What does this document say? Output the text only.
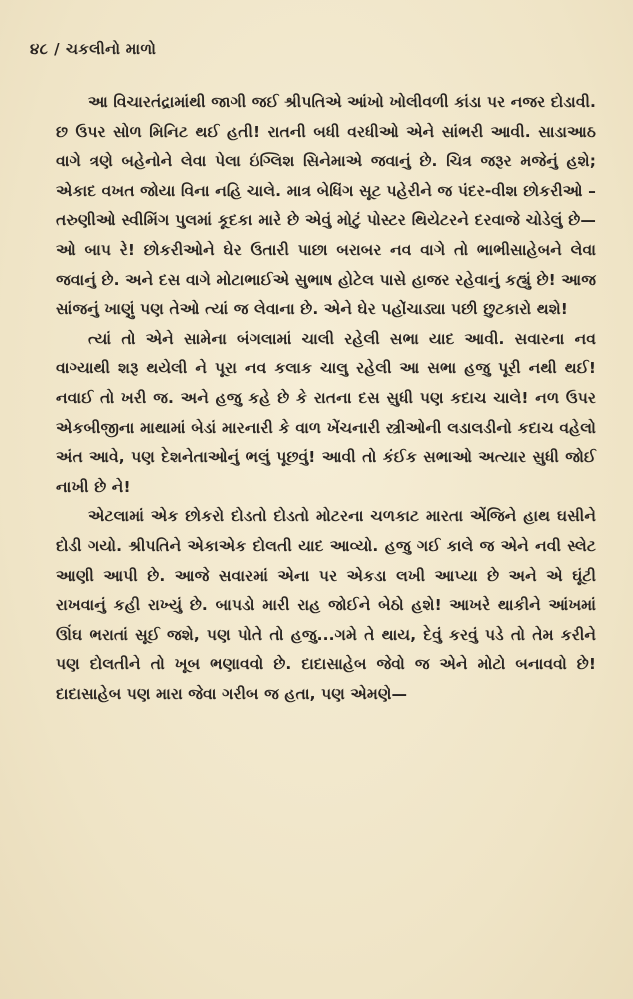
૪૮ / ચકલીનો માળો

આ વિચારતંદ્રામાંથી જાગી જઈ શ્રીપતિએ આંખો ખોલીવળી કાંડા પર નજર દોડાવી. છ ઉપર સોળ મિનિટ થઈ હતી! રાતની બધી વરધીઓ એને સાંભરી આવી. સાડાઆઠ વાગે ત્રણે બહેનોને લેવા પેલા ઇંગ્લિશ સિનેમાએ જવાનું છે. ચિત્ર જરૂર મજેનું હશે; એકાદ વખત જોયા વિના નહિ ચાલે. માત્ર બેધિંગ સૂટ પહેરીને જ પંદર-વીશ છોકરીઓ – તરુણીઓ સ્વીમિંગ પુલમાં કૂદકા મારે છે એવું મોટું પોસ્ટર થિયેટરને દરવાજે ચોડેલું છે—ઓ બાપ રે! છોકરીઓને ઘેર ઉતારી પાછા બરાબર નવ વાગે તો ભાભીસાહેબને લેવા જવાનું છે. અને દસ વાગે મોટાભાઈએ સુભાષ હોટેલ પાસે હાજર રહેવાનું કહ્યું છે! આજ સાંજનું ખાણું પણ તેઓ ત્યાં જ લેવાના છે. એને ઘેર પહોંચાડ્યા પછી છુટકારો થશે!

ત્યાં તો એને સામેના બંગલામાં ચાલી રહેલી સભા યાદ આવી. સવારના નવ વાગ્યાથી શરૂ થયેલી ને પૂરા નવ કલાક ચાલુ રહેલી આ સભા હજુ પૂરી નથી થઈ! નવાઈ તો ખરી જ. અને હજુ કહે છે કે રાતના દસ સુધી પણ કદાચ ચાલે! નળ ઉપર એકબીજીના માથામાં બેડાં મારનારી કે વાળ ખેંચનારી સ્ત્રીઓની લડાલડીનો કદાચ વહેલો અંત આવે, પણ દેશનેતાઓનું ભલું પૂછવું! આવી તો કંઈક સભાઓ અત્યાર સુધી જોઈ નાખી છે ને!

એટલામાં એક છોકરો દોડતો દોડતો મોટરના ચળકાટ મારતા એંજિને હાથ ઘસીને દોડી ગયો. શ્રીપતિને એકાએક દોલતી યાદ આવ્યો. હજુ ગઈ કાલે જ એને નવી સ્લેટ આણી આપી છે. આજે સવારમાં એના પર એકડા લખી આપ્યા છે અને એ ઘૂંટી રાખવાનું કહી રાખ્યું છે. બાપડો મારી રાહ જોઈને બેઠો હશે! આખરે થાકીને આંખમાં ઊંઘ ભરાતાં સૂઈ જશે, પણ પોતે તો હજુ...ગમે તે થાય, દેવું કરવું પડે તો તેમ કરીને પણ દોલતીને તો ખૂબ ભણાવવો છે. દાદાસાહેબ જેવો જ એને મોટો બનાવવો છે! દાદાસાહેબ પણ મારા જેવા ગરીબ જ હતા, પણ એમણે—
